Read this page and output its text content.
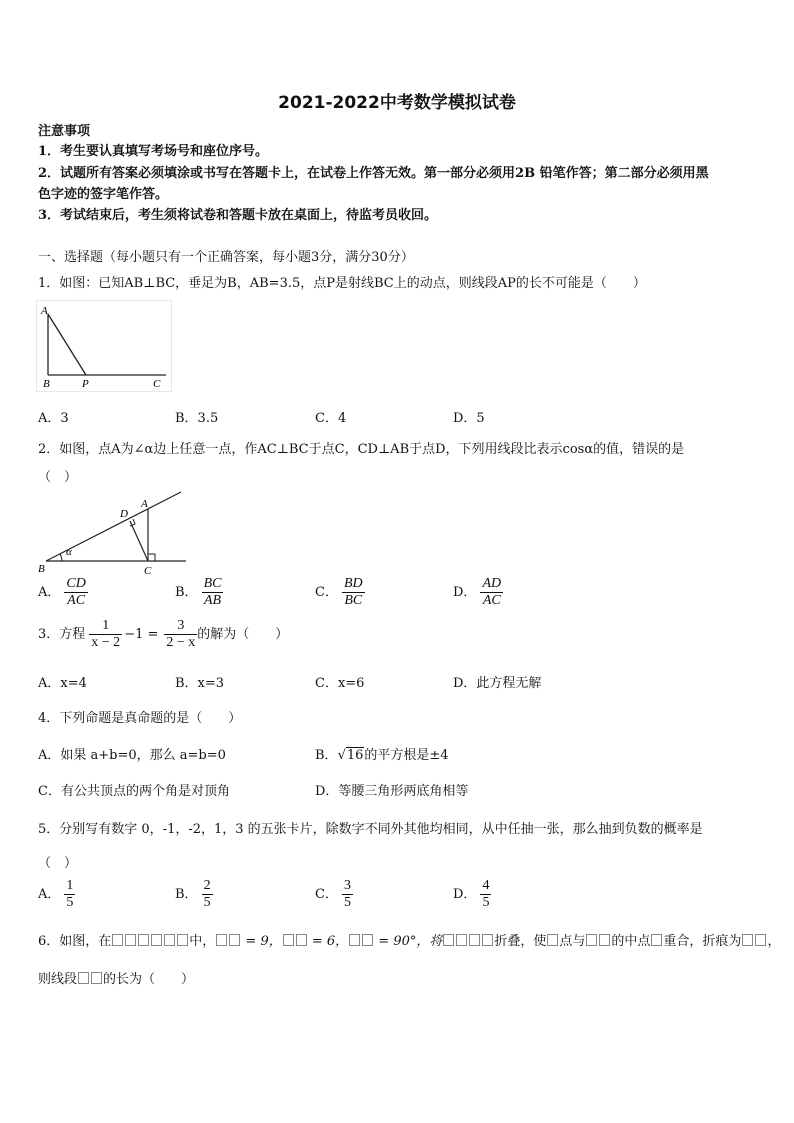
2021-2022中考数学模拟试卷
注意事项
1．考生要认真填写考场号和座位序号。
2．试题所有答案必须填涂或书写在答题卡上，在试卷上作答无效。第一部分必须用2B 铅笔作答；第二部分必须用黑
色字迹的签字笔作答。
3．考试结束后，考生须将试卷和答题卡放在桌面上，待监考员收回。
一、选择题（每小题只有一个正确答案，每小题3分，满分30分）
1．如图：已知AB⊥BC，垂足为B，AB=3.5，点P是射线BC上的动点，则线段AP的长不可能是（　　）
A
B	P	C
A．3	B．3.5	C．4	D．5
2．如图，点A为∠α边上任意一点，作AC⊥BC于点C，CD⊥AB于点D，下列用线段比表示cosα的值，错误的是
（　）
D
A
α
B	C
A． $\frac{CD}{AC}$	B． $\frac{BC}{AB}$	C． $\frac{BD}{BC}$	D． $\frac{AD}{AC}$
3．方程 $\frac{1}{x - 2} -1 = \frac{3}{2 - x}$ 的解为（　　）
A．x=4	B．x=3	C．x=6	D．此方程无解
4．下列命题是真命题的是（　　）
A．如果 a+b=0，那么 a=b=0	B．√16的平方根是±4
C．有公共顶点的两个角是对顶角	D．等腰三角形两底角相等
5．分别写有数字 0，-1，-2，1，3 的五张卡片，除数字不同外其他均相同，从中任抽一张，那么抽到负数的概率是
（　）
A． $\frac{1}{5}$	B． $\frac{2}{5}$	C． $\frac{3}{5}$	D． $\frac{4}{5}$
6．如图，在	中， = 9， = 6， = 90°，将	折叠，使 点与 的中点 重合，折痕为 ，
则线段 的长为（　　）
